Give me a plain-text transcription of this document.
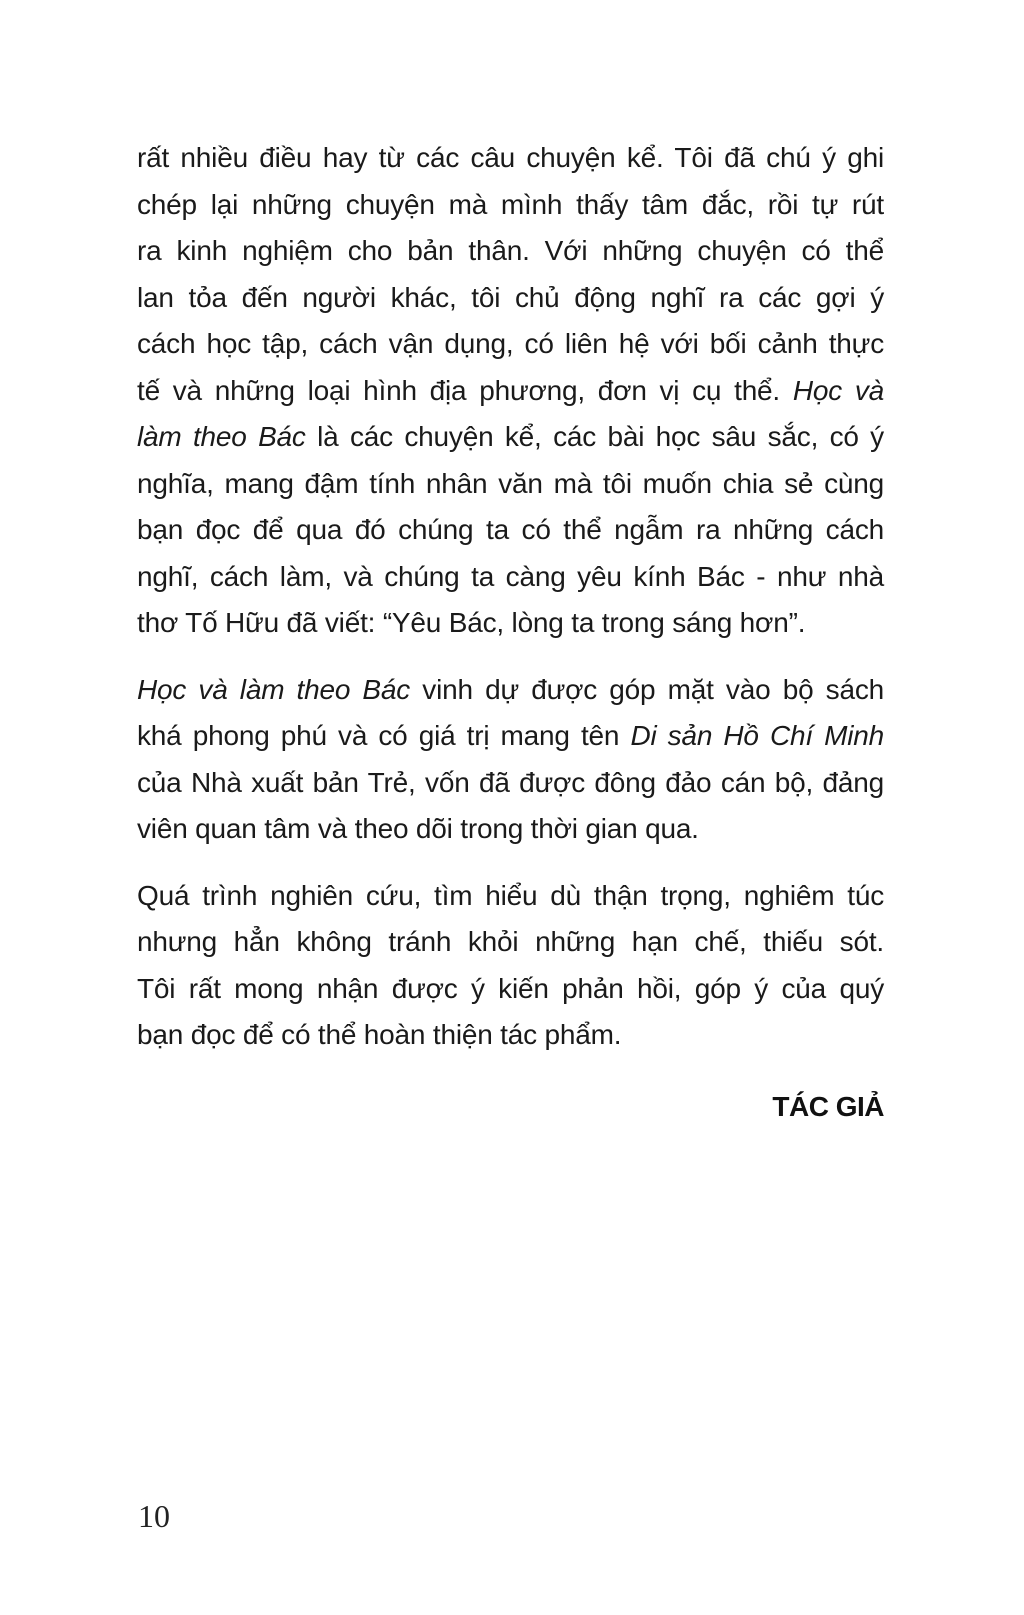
rất nhiều điều hay từ các câu chuyện kể. Tôi đã chú ý ghi
chép lại những chuyện mà mình thấy tâm đắc, rồi tự rút
ra kinh nghiệm cho bản thân. Với những chuyện có thể
lan tỏa đến người khác, tôi chủ động nghĩ ra các gợi ý
cách học tập, cách vận dụng, có liên hệ với bối cảnh thực
tế và những loại hình địa phương, đơn vị cụ thể. Học và
làm theo Bác là các chuyện kể, các bài học sâu sắc, có ý
nghĩa, mang đậm tính nhân văn mà tôi muốn chia sẻ cùng
bạn đọc để qua đó chúng ta có thể ngẫm ra những cách
nghĩ, cách làm, và chúng ta càng yêu kính Bác - như nhà
thơ Tố Hữu đã viết: “Yêu Bác, lòng ta trong sáng hơn”.
Học và làm theo Bác vinh dự được góp mặt vào bộ sách
khá phong phú và có giá trị mang tên Di sản Hồ Chí Minh
của Nhà xuất bản Trẻ, vốn đã được đông đảo cán bộ, đảng
viên quan tâm và theo dõi trong thời gian qua.
Quá trình nghiên cứu, tìm hiểu dù thận trọng, nghiêm túc
nhưng hẳn không tránh khỏi những hạn chế, thiếu sót.
Tôi rất mong nhận được ý kiến phản hồi, góp ý của quý
bạn đọc để có thể hoàn thiện tác phẩm.
TÁC GIẢ
10
